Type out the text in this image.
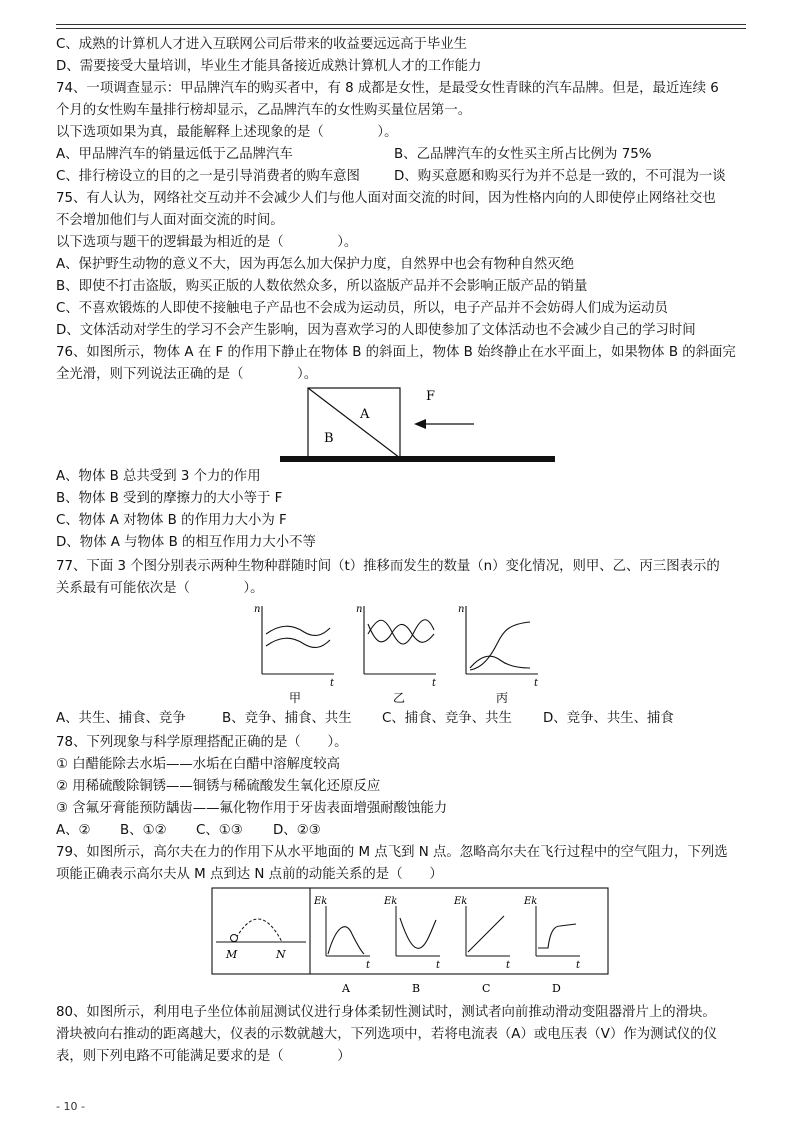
C、成熟的计算机人才进入互联网公司后带来的收益要远远高于毕业生
D、需要接受大量培训，毕业生才能具备接近成熟计算机人才的工作能力
74、一项调查显示：甲品牌汽车的购买者中，有 8 成都是女性，是最受女性青睐的汽车品牌。但是，最近连续 6
个月的女性购车量排行榜却显示，乙品牌汽车的女性购买量位居第一。
以下选项如果为真，最能解释上述现象的是（　　　　）。
A、甲品牌汽车的销量远低于乙品牌汽车	B、乙品牌汽车的女性买主所占比例为 75%
C、排行榜设立的目的之一是引导消费者的购车意图	D、购买意愿和购买行为并不总是一致的，不可混为一谈
75、有人认为，网络社交互动并不会减少人们与他人面对面交流的时间，因为性格内向的人即使停止网络社交也
不会增加他们与人面对面交流的时间。
以下选项与题干的逻辑最为相近的是（　　　　）。
A、保护野生动物的意义不大，因为再怎么加大保护力度，自然界中也会有物种自然灭绝
B、即使不打击盗版，购买正版的人数依然众多，所以盗版产品并不会影响正版产品的销量
C、不喜欢锻炼的人即使不接触电子产品也不会成为运动员，所以，电子产品并不会妨碍人们成为运动员
D、文体活动对学生的学习不会产生影响，因为喜欢学习的人即使参加了文体活动也不会减少自己的学习时间
76、如图所示，物体 A 在 F 的作用下静止在物体 B 的斜面上，物体 B 始终静止在水平面上，如果物体 B 的斜面完
全光滑，则下列说法正确的是（　　　　）。
A
B
F
A、物体 B 总共受到 3 个力的作用
B、物体 B 受到的摩擦力的大小等于 F
C、物体 A 对物体 B 的作用力大小为 F
D、物体 A 与物体 B 的相互作用力大小不等
77、下面 3 个图分别表示两种生物种群随时间（t）推移而发生的数量（n）变化情况，则甲、乙、丙三图表示的
关系最有可能依次是（　　　　）。
n
t
甲
n
t
乙
n
t
丙
A、共生、捕食、竞争	B、竞争、捕食、共生 C、捕食、竞争、共生 D、竞争、共生、捕食
78、下列现象与科学原理搭配正确的是（　　）。
① 白醋能除去水垢——水垢在白醋中溶解度较高
② 用稀硫酸除铜锈——铜锈与稀硫酸发生氧化还原反应
③ 含氟牙膏能预防龋齿——氟化物作用于牙齿表面增强耐酸蚀能力
A、② B、①② C、①③ D、②③
79、如图所示，高尔夫在力的作用下从水平地面的 M 点飞到 N 点。忽略高尔夫在飞行过程中的空气阻力，下列选
项能正确表示高尔夫从 M 点到达 N 点前的动能关系的是（　　）
M	N
Ek
t
A
Ek
t
B
Ek
t
C
Ek
t
D
80、如图所示，利用电子坐位体前屈测试仪进行身体柔韧性测试时，测试者向前推动滑动变阻器滑片上的滑块。
滑块被向右推动的距离越大，仪表的示数就越大，下列选项中，若将电流表（A）或电压表（V）作为测试仪的仪
表，则下列电路不可能满足要求的是（　　　　）
- 10 -
